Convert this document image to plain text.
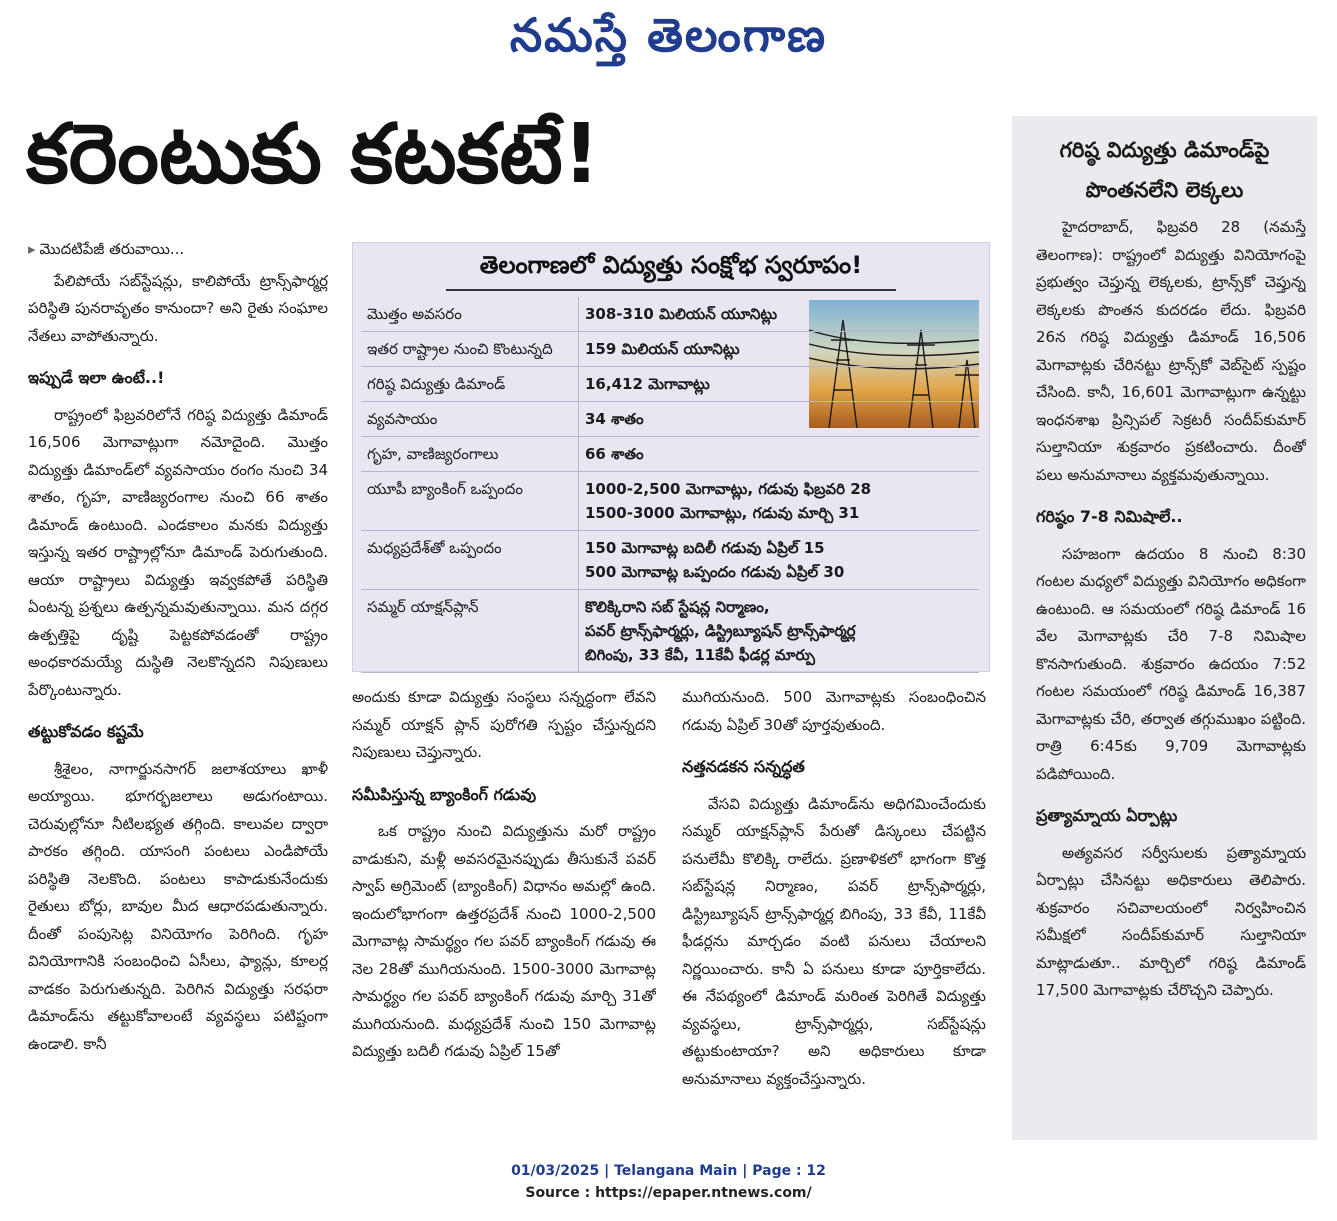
నమస్తే తెలంగాణ
కరెంటుకు కటకటే!
▸ మొదటిపేజీ తరువాయి...

పేలిపోయే సబ్‌స్టేషన్లు, కాలిపోయే ట్రాన్స్‌ఫార్మర్ల పరిస్థితి పునరావృతం కానుందా? అని రైతు సంఘాల నేతలు వాపోతున్నారు.

ఇప్పుడే ఇలా ఉంటే..!

రాష్ట్రంలో ఫిబ్రవరిలోనే గరిష్ఠ విద్యుత్తు డిమాండ్ 16,506 మెగావాట్లుగా నమోదైంది. మొత్తం విద్యుత్తు డిమాండ్‌లో వ్యవసాయం రంగం నుంచి 34 శాతం, గృహ, వాణిజ్యరంగాల నుంచి 66 శాతం డిమాండ్ ఉంటుంది. ఎండకాలం మనకు విద్యుత్తు ఇస్తున్న ఇతర రాష్ట్రాల్లోనూ డిమాండ్ పెరుగుతుంది. ఆయా రాష్ట్రాలు విద్యుత్తు ఇవ్వకపోతే పరిస్థితి ఏంటన్న ప్రశ్నలు ఉత్పన్నమవుతున్నాయి. మన దగ్గర ఉత్పత్తిపై దృష్టి పెట్టకపోవడంతో రాష్ట్రం అంధకారమయ్యే దుస్థితి నెలకొన్నదని నిపుణులు పేర్కొంటున్నారు.

తట్టుకోవడం కష్టమే

శ్రీశైలం, నాగార్జునసాగర్ జలాశయాలు ఖాళీ అయ్యాయి. భూగర్భజలాలు అడుగంటాయి. చెరువుల్లోనూ నీటిలభ్యత తగ్గింది. కాలువల ద్వారా పారకం తగ్గింది. యాసంగి పంటలు ఎండిపోయే పరిస్థితి నెలకొంది. పంటలు కాపాడుకునేందుకు రైతులు బోర్లు, బావుల మీద ఆధారపడుతున్నారు. దీంతో పంపుసెట్ల వినియోగం పెరిగింది. గృహ వినియోగానికి సంబంధించి ఏసీలు, ఫ్యాన్లు, కూలర్ల వాడకం పెరుగుతున్నది. పెరిగిన విద్యుత్తు సరఫరా డిమాండ్‌ను తట్టుకోవాలంటే వ్యవస్థలు పటిష్టంగా ఉండాలి. కానీ

తెలంగాణలో విద్యుత్తు సంక్షోభ స్వరూపం!
మొత్తం అవసరం	308-310 మిలియన్ యూనిట్లు
ఇతర రాష్ట్రాల నుంచి కొంటున్నది	159 మిలియన్ యూనిట్లు
గరిష్ఠ విద్యుత్తు డిమాండ్	16,412 మెగావాట్లు
వ్యవసాయం	34 శాతం
గృహ, వాణిజ్యరంగాలు	66 శాతం
యూపీ బ్యాంకింగ్ ఒప్పందం	1000-2,500 మెగావాట్లు, గడువు ఫిబ్రవరి 28
1500-3000 మెగావాట్లు, గడువు మార్చి 31

మధ్యప్రదేశ్‌తో ఒప్పందం	150 మెగావాట్ల బదిలీ గడువు ఏప్రిల్ 15
500 మెగావాట్ల ఒప్పందం గడువు ఏప్రిల్ 30

సమ్మర్ యాక్షన్‌ప్లాన్	కొలిక్కిరాని సబ్ స్టేషన్ల నిర్మాణం,
పవర్ ట్రాన్స్‌ఫార్మర్లు, డిస్ట్రిబ్యూషన్ ట్రాన్స్‌ఫార్మర్ల
బిగింపు, 33 కేవీ, 11కేవీ ఫీడర్ల మార్పు

అందుకు కూడా విద్యుత్తు సంస్థలు సన్నద్ధంగా లేవని సమ్మర్ యాక్షన్ ప్లాన్ పురోగతి స్పష్టం చేస్తున్నదని నిపుణులు చెప్తున్నారు.

సమీపిస్తున్న బ్యాంకింగ్ గడువు

ఒక రాష్ట్రం నుంచి విద్యుత్తును మరో రాష్ట్రం వాడుకుని, మళ్లీ అవసరమైనప్పుడు తీసుకునే పవర్ స్వాప్ అగ్రిమెంట్ (బ్యాంకింగ్) విధానం అమల్లో ఉంది. ఇందులోభాగంగా ఉత్తరప్రదేశ్ నుంచి 1000-2,500 మెగావాట్ల సామర్థ్యం గల పవర్ బ్యాంకింగ్ గడువు ఈ నెల 28తో ముగియనుంది. 1500-3000 మెగావాట్ల సామర్థ్యం గల పవర్ బ్యాంకింగ్ గడువు మార్చి 31తో ముగియనుంది. మధ్యప్రదేశ్ నుంచి 150 మెగావాట్ల విద్యుత్తు బదిలీ గడువు ఏప్రిల్ 15తో

ముగియనుంది. 500 మెగావాట్లకు సంబంధించిన గడువు ఏప్రిల్ 30తో పూర్తవుతుంది.

నత్తనడకన సన్నద్ధత

వేసవి విద్యుత్తు డిమాండ్‌ను అధిగమించేందుకు సమ్మర్ యాక్షన్‌ప్లాన్ పేరుతో డిస్కంలు చేపట్టిన పనులేమీ కొలిక్కి రాలేదు. ప్రణాళికలో భాగంగా కొత్త సబ్‌స్టేషన్ల నిర్మాణం, పవర్ ట్రాన్స్‌ఫార్మర్లు, డిస్ట్రిబ్యూషన్ ట్రాన్స్‌ఫార్మర్ల బిగింపు, 33 కేవీ, 11కేవీ ఫీడర్లను మార్చడం వంటి పనులు చేయాలని నిర్ణయించారు. కానీ ఏ పనులు కూడా పూర్తికాలేదు. ఈ నేపథ్యంలో డిమాండ్ మరింత పెరిగితే విద్యుత్తు వ్యవస్థలు, ట్రాన్స్‌ఫార్మర్లు, సబ్‌స్టేషన్లు తట్టుకుంటాయా? అని అధికారులు కూడా అనుమానాలు వ్యక్తంచేస్తున్నారు.

గరిష్ఠ విద్యుత్తు డిమాండ్‌పై
పొంతనలేని లెక్కలు

హైదరాబాద్, ఫిబ్రవరి 28 (నమస్తే తెలంగాణ): రాష్ట్రంలో విద్యుత్తు వినియోగంపై ప్రభుత్వం చెప్తున్న లెక్కలకు, ట్రాన్స్‌కో చెప్తున్న లెక్కలకు పొంతన కుదరడం లేదు. ఫిబ్రవరి 26న గరిష్ఠ విద్యుత్తు డిమాండ్ 16,506 మెగావాట్లకు చేరినట్టు ట్రాన్స్‌కో వెబ్‌సైట్ స్పష్టం చేసింది. కానీ, 16,601 మెగావాట్లుగా ఉన్నట్టు ఇంధనశాఖ ప్రిన్సిపల్ సెక్రటరీ సందీప్‌కుమార్ సుల్తానియా శుక్రవారం ప్రకటించారు. దీంతో పలు అనుమానాలు వ్యక్తమవుతున్నాయి.

గరిష్ఠం 7-8 నిమిషాలే..

సహజంగా ఉదయం 8 నుంచి 8:30 గంటల మధ్యలో విద్యుత్తు వినియోగం అధికంగా ఉంటుంది. ఆ సమయంలో గరిష్ఠ డిమాండ్ 16 వేల మెగావాట్లకు చేరి 7-8 నిమిషాల కొనసాగుతుంది. శుక్రవారం ఉదయం 7:52 గంటల సమయంలో గరిష్ఠ డిమాండ్ 16,387 మెగావాట్లకు చేరి, తర్వాత తగ్గుముఖం పట్టింది. రాత్రి 6:45కు 9,709 మెగావాట్లకు పడిపోయింది.

ప్రత్యామ్నాయ ఏర్పాట్లు

అత్యవసర సర్వీసులకు ప్రత్యామ్నాయ ఏర్పాట్లు చేసినట్టు అధికారులు తెలిపారు. శుక్రవారం సచివాలయంలో నిర్వహించిన సమీక్షలో సందీప్‌కుమార్ సుల్తానియా మాట్లాడుతూ.. మార్చిలో గరిష్ఠ డిమాండ్ 17,500 మెగావాట్లకు చేరొచ్చని చెప్పారు.

01/03/2025 | Telangana Main | Page : 12
Source : https://epaper.ntnews.com/
